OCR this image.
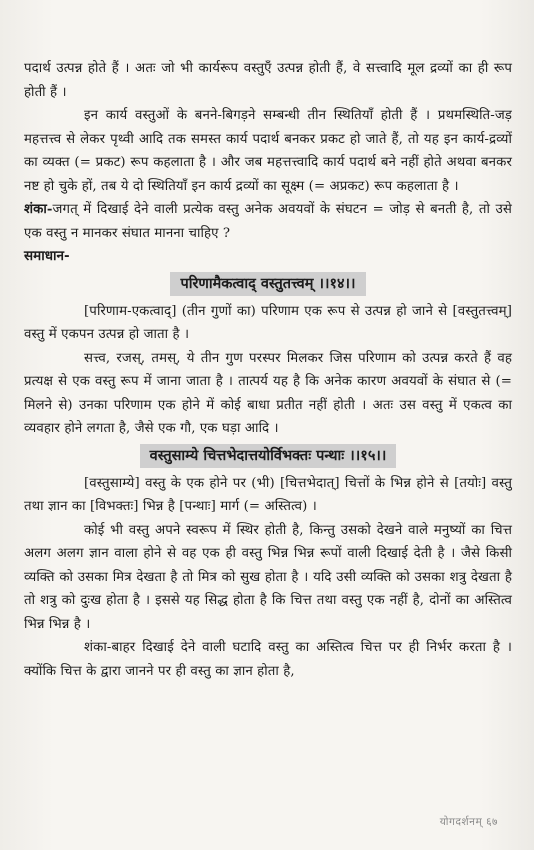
पदार्थ उत्पन्न होते हैं । अतः जो भी कार्यरूप वस्तुएँ उत्पन्न होती हैं, वे सत्त्वादि मूल द्रव्यों का ही रूप होती हैं ।

इन कार्य वस्तुओं के बनने-बिगड़ने सम्बन्धी तीन स्थितियाँ होती हैं । प्रथमस्थिति-जड़ महत्तत्त्व से लेकर पृथ्वी आदि तक समस्त कार्य पदार्थ बनकर प्रकट हो जाते हैं, तो यह इन कार्य-द्रव्यों का व्यक्त (= प्रकट) रूप कहलाता है । और जब महत्तत्त्वादि कार्य पदार्थ बने नहीं होते अथवा बनकर नष्ट हो चुके हों, तब ये दो स्थितियाँ इन कार्य द्रव्यों का सूक्ष्म (= अप्रकट) रूप कहलाता है ।

शंका-जगत् में दिखाई देने वाली प्रत्येक वस्तु अनेक अवयवों के संघटन = जोड़ से बनती है, तो उसे एक वस्तु न मानकर संघात मानना चाहिए ?

समाधान-

परिणामैकत्वाद् वस्तुतत्त्वम् ।।१४।।

[परिणाम-एकत्वाद्] (तीन गुणों का) परिणाम एक रूप से उत्पन्न हो जाने से [वस्तुतत्त्वम्] वस्तु में एकपन उत्पन्न हो जाता है ।

सत्त्व, रजस्, तमस्, ये तीन गुण परस्पर मिलकर जिस परिणाम को उत्पन्न करते हैं वह प्रत्यक्ष से एक वस्तु रूप में जाना जाता है । तात्पर्य यह है कि अनेक कारण अवयवों के संघात से (= मिलने से) उनका परिणाम एक होने में कोई बाधा प्रतीत नहीं होती । अतः उस वस्तु में एकत्व का व्यवहार होने लगता है, जैसे एक गौ, एक घड़ा आदि ।

वस्तुसाम्ये चित्तभेदात्तयोर्विभक्तः पन्थाः ।।१५।।

[वस्तुसाम्ये] वस्तु के एक होने पर (भी) [चित्तभेदात्] चित्तों के भिन्न होने से [तयोः] वस्तु तथा ज्ञान का [विभक्तः] भिन्न है [पन्थाः] मार्ग (= अस्तित्व) ।

कोई भी वस्तु अपने स्वरूप में स्थिर होती है, किन्तु उसको देखने वाले मनुष्यों का चित्त अलग अलग ज्ञान वाला होने से वह एक ही वस्तु भिन्न भिन्न रूपों वाली दिखाई देती है । जैसे किसी व्यक्ति को उसका मित्र देखता है तो मित्र को सुख होता है । यदि उसी व्यक्ति को उसका शत्रु देखता है तो शत्रु को दुःख होता है । इससे यह सिद्ध होता है कि चित्त तथा वस्तु एक नहीं है, दोनों का अस्तित्व भिन्न भिन्न है ।

शंका-बाहर दिखाई देने वाली घटादि वस्तु का अस्तित्व चित्त पर ही निर्भर करता है । क्योंकि चित्त के द्वारा जानने पर ही वस्तु का ज्ञान होता है,

योगदर्शनम् ६७
